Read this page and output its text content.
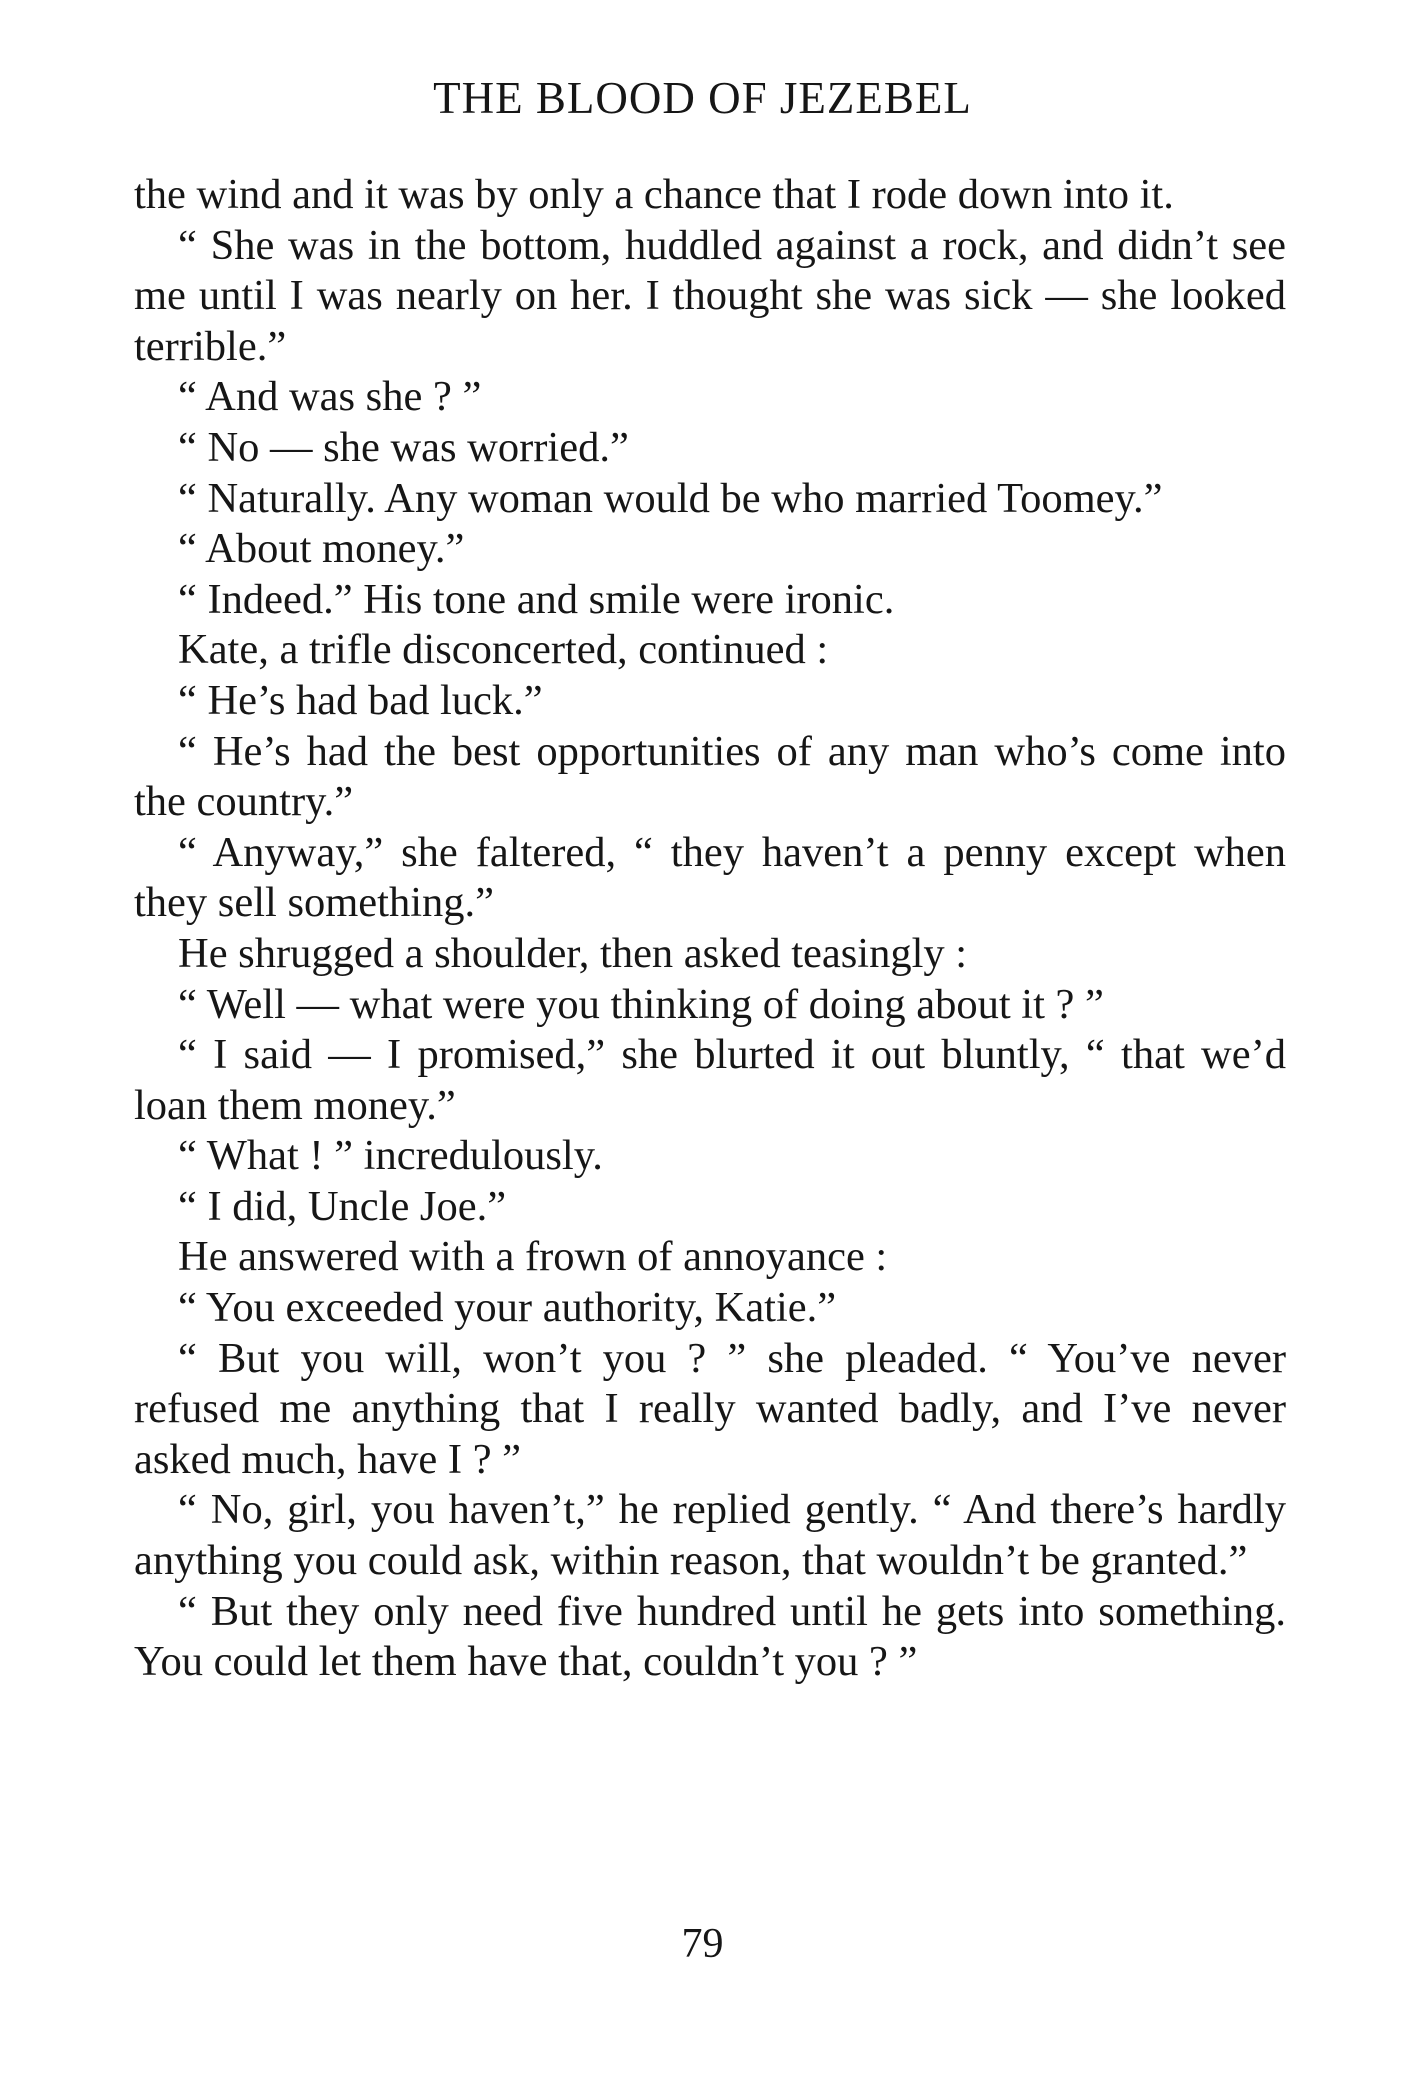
THE BLOOD OF JEZEBEL

the wind and it was by only a chance that I rode down into it.

“ She was in the bottom, huddled against a rock, and didn’t see me until I was nearly on her. I thought she was sick — she looked terrible.”

“ And was she ? ”

“ No — she was worried.”

“ Naturally. Any woman would be who married Toomey.”

“ About money.”

“ Indeed.” His tone and smile were ironic.

Kate, a trifle disconcerted, continued :

“ He’s had bad luck.”

“ He’s had the best opportunities of any man who’s come into the country.”

“ Anyway,” she faltered, “ they haven’t a penny except when they sell something.”

He shrugged a shoulder, then asked teasingly :

“ Well — what were you thinking of doing about it ? ”

“ I said — I promised,” she blurted it out bluntly, “ that we’d loan them money.”

“ What ! ” incredulously.

“ I did, Uncle Joe.”

He answered with a frown of annoyance :

“ You exceeded your authority, Katie.”

“ But you will, won’t you ? ” she pleaded. “ You’ve never refused me anything that I really wanted badly, and I’ve never asked much, have I ? ”

“ No, girl, you haven’t,” he replied gently. “ And there’s hardly anything you could ask, within reason, that wouldn’t be granted.”

“ But they only need five hundred until he gets into something. You could let them have that, couldn’t you ? ”

79
